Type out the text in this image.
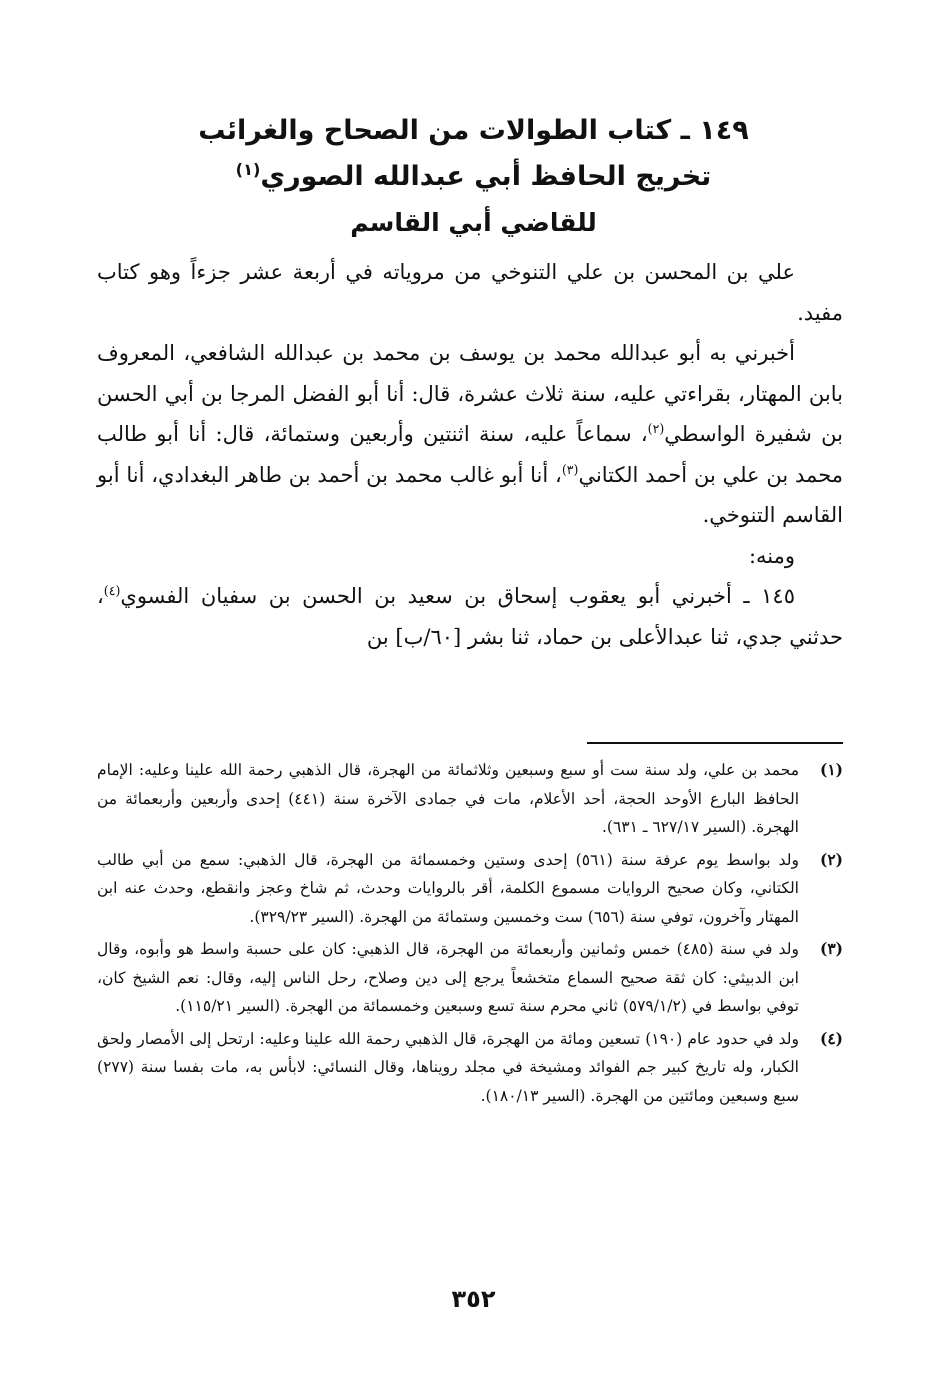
١٤٩ ـ كتاب الطوالات من الصحاح والغرائب
تخريج الحافظ أبي عبدالله الصوري$^{(١)}$
للقاضي أبي القاسم

علي بن المحسن بن علي التنوخي من مروياته في أربعة عشر جزءاً وهو كتاب مفيد.

أخبرني به أبو عبدالله محمد بن يوسف بن محمد بن عبدالله الشافعي، المعروف بابن المهتار، بقراءتي عليه، سنة ثلاث عشرة، قال: أنا أبو الفضل المرجا بن أبي الحسن بن شفيرة الواسطي$^{(٢)}$، سماعاً عليه، سنة اثنتين وأربعين وستمائة، قال: أنا أبو طالب محمد بن علي بن أحمد الكتاني$^{(٣)}$، أنا أبو غالب محمد بن أحمد بن طاهر البغدادي، أنا أبو القاسم التنوخي.

ومنه:

١٤٥ ـ أخبرني أبو يعقوب إسحاق بن سعيد بن الحسن بن سفيان الفسوي$^{(٤)}$، حدثني جدي، ثنا عبدالأعلى بن حماد، ثنا بشر [٦٠/ب] بن

(١)
محمد بن علي، ولد سنة ست أو سبع وسبعين وثلاثمائة من الهجرة، قال الذهبي رحمة الله علينا وعليه: الإمام الحافظ البارع الأوحد الحجة، أحد الأعلام، مات في جمادى الآخرة سنة (٤٤١) إحدى وأربعين وأربعمائة من الهجرة. (السير ٦٢٧/١٧ ـ ٦٣١).
(٢)
ولد بواسط يوم عرفة سنة (٥٦١) إحدى وستين وخمسمائة من الهجرة، قال الذهبي: سمع من أبي طالب الكتاني، وكان صحيح الروايات مسموع الكلمة، أقر بالروايات وحدث، ثم شاخ وعجز وانقطع، وحدث عنه ابن المهتار وآخرون، توفي سنة (٦٥٦) ست وخمسين وستمائة من الهجرة. (السير ٣٢٩/٢٣).
(٣)
ولد في سنة (٤٨٥) خمس وثمانين وأربعمائة من الهجرة، قال الذهبي: كان على حسبة واسط هو وأبوه، وقال ابن الدبيثي: كان ثقة صحيح السماع متخشعاً يرجع إلى دين وصلاح، رحل الناس إليه، وقال: نعم الشيخ كان، توفي بواسط في (٥٧٩/١/٢) ثاني محرم سنة تسع وسبعين وخمسمائة من الهجرة. (السير ١١٥/٢١).
(٤)
ولد في حدود عام (١٩٠) تسعين ومائة من الهجرة، قال الذهبي رحمة الله علينا وعليه: ارتحل إلى الأمصار ولحق الكبار، وله تاريخ كبير جم الفوائد ومشيخة في مجلد رويناها، وقال النسائي: لابأس به، مات بفسا سنة (٢٧٧) سبع وسبعين ومائتين من الهجرة. (السير ١٨٠/١٣).
٣٥٢
